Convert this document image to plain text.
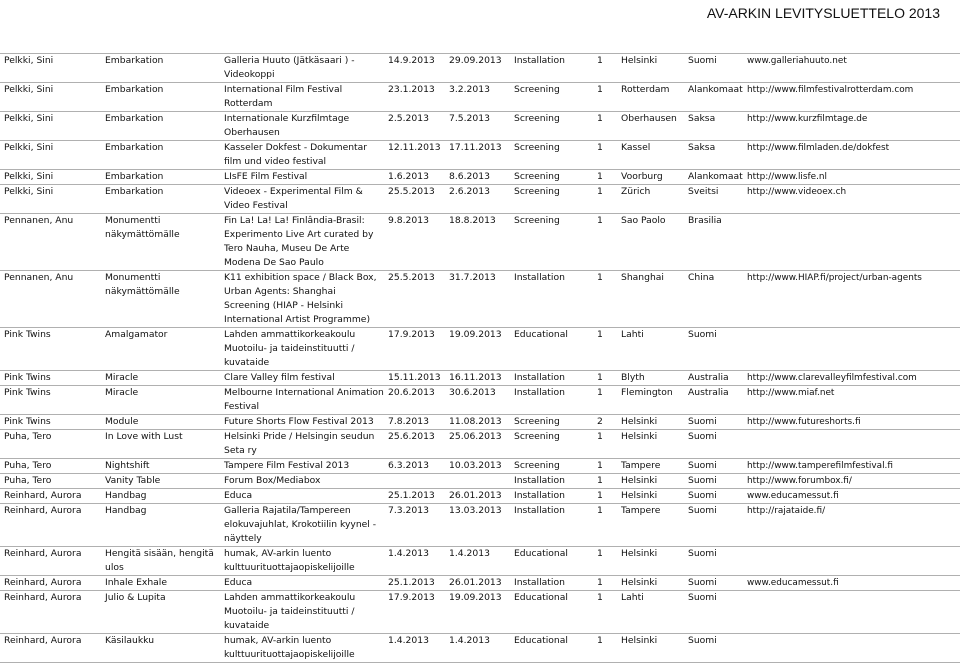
AV-ARKIN LEVITYSLUETTELO 2013
Pelkki, Sini	Embarkation	Galleria Huuto (Jätkäsaari ) - Videokoppi	14.9.2013	29.09.2013	Installation	1	Helsinki	Suomi	www.galleriahuuto.net
Pelkki, Sini	Embarkation	International Film Festival Rotterdam	23.1.2013	3.2.2013	Screening	1	Rotterdam	Alankomaat	http://www.filmfestivalrotterdam.com
Pelkki, Sini	Embarkation	Internationale Kurzfilmtage Oberhausen	2.5.2013	7.5.2013	Screening	1	Oberhausen	Saksa	http://www.kurzfilmtage.de
Pelkki, Sini	Embarkation	Kasseler Dokfest - Dokumentar film und video festival	12.11.2013	17.11.2013	Screening	1	Kassel	Saksa	http://www.filmladen.de/dokfest
Pelkki, Sini	Embarkation	LIsFE Film Festival	1.6.2013	8.6.2013	Screening	1	Voorburg	Alankomaat	http://www.lisfe.nl
Pelkki, Sini	Embarkation	Videoex - Experimental Film & Video Festival	25.5.2013	2.6.2013	Screening	1	Zürich	Sveitsi	http://www.videoex.ch
Pennanen, Anu	Monumentti näkymättömälle	Fin La! La! La! Finlândia-Brasil: Experimento Live Art curated by Tero Nauha, Museu De Arte Modena De Sao Paulo	9.8.2013	18.8.2013	Screening	1	Sao Paolo	Brasilia	
Pennanen, Anu	Monumentti näkymättömälle	K11 exhibition space / Black Box, Urban Agents: Shanghai Screening (HIAP - Helsinki International Artist Programme)	25.5.2013	31.7.2013	Installation	1	Shanghai	China	http://www.HIAP.fi/project/urban-agents
Pink Twins	Amalgamator	Lahden ammattikorkeakoulu Muotoilu- ja taideinstituutti / kuvataide	17.9.2013	19.09.2013	Educational	1	Lahti	Suomi	
Pink Twins	Miracle	Clare Valley film festival	15.11.2013	16.11.2013	Installation	1	Blyth	Australia	http://www.clarevalleyfilmfestival.com
Pink Twins	Miracle	Melbourne International Animation Festival	20.6.2013	30.6.2013	Installation	1	Flemington	Australia	http://www.miaf.net
Pink Twins	Module	Future Shorts Flow Festival 2013	7.8.2013	11.08.2013	Screening	2	Helsinki	Suomi	http://www.futureshorts.fi
Puha, Tero	In Love with Lust	Helsinki Pride / Helsingin seudun Seta ry	25.6.2013	25.06.2013	Screening	1	Helsinki	Suomi	
Puha, Tero	Nightshift	Tampere Film Festival 2013	6.3.2013	10.03.2013	Screening	1	Tampere	Suomi	http://www.tamperefilmfestival.fi
Puha, Tero	Vanity Table	Forum Box/Mediabox			Installation	1	Helsinki	Suomi	http://www.forumbox.fi/
Reinhard, Aurora	Handbag	Educa	25.1.2013	26.01.2013	Installation	1	Helsinki	Suomi	www.educamessut.fi
Reinhard, Aurora	Handbag	Galleria Rajatila/Tampereen elokuvajuhlat, Krokotiilin kyynel - näyttely	7.3.2013	13.03.2013	Installation	1	Tampere	Suomi	http://rajataide.fi/
Reinhard, Aurora	Hengitä sisään, hengitä ulos	humak, AV-arkin luento kulttuurituottajaopiskelijoille	1.4.2013	1.4.2013	Educational	1	Helsinki	Suomi	
Reinhard, Aurora	Inhale Exhale	Educa	25.1.2013	26.01.2013	Installation	1	Helsinki	Suomi	www.educamessut.fi
Reinhard, Aurora	Julio & Lupita	Lahden ammattikorkeakoulu Muotoilu- ja taideinstituutti / kuvataide	17.9.2013	19.09.2013	Educational	1	Lahti	Suomi	
Reinhard, Aurora	Käsilaukku	humak, AV-arkin luento kulttuurituottajaopiskelijoille	1.4.2013	1.4.2013	Educational	1	Helsinki	Suomi	
